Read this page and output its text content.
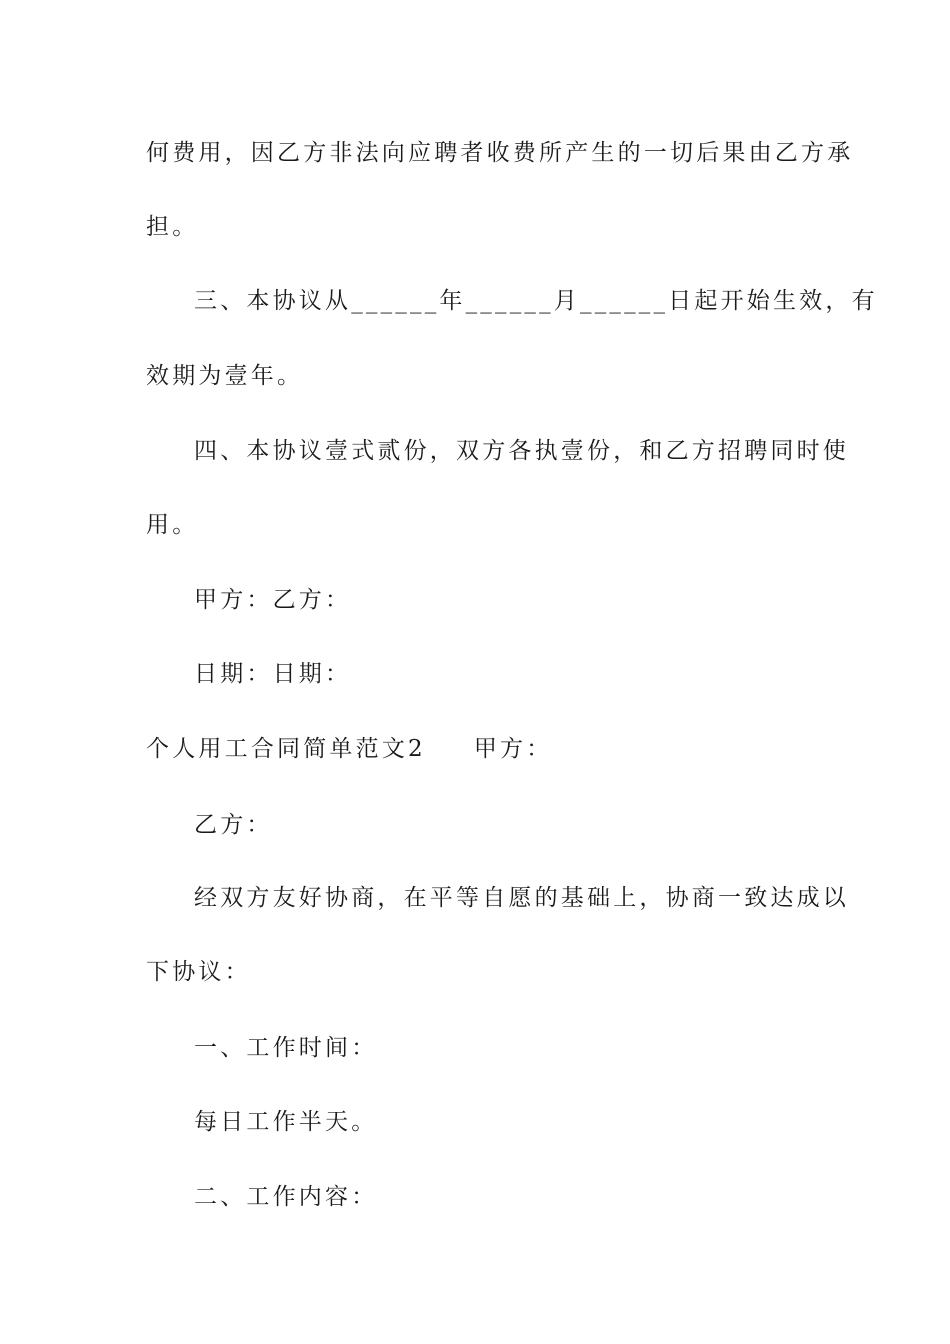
何费用，因乙方非法向应聘者收费所产生的一切后果由乙方承
担。
三、本协议从______年______月______日起开始生效，有
效期为壹年。
四、本协议壹式贰份，双方各执壹份，和乙方招聘同时使
用。
甲方：乙方：
日期：日期：
个人用工合同简单范文2 甲方：
乙方：
经双方友好协商，在平等自愿的基础上，协商一致达成以
下协议：
一、工作时间：
每日工作半天。
二、工作内容：
